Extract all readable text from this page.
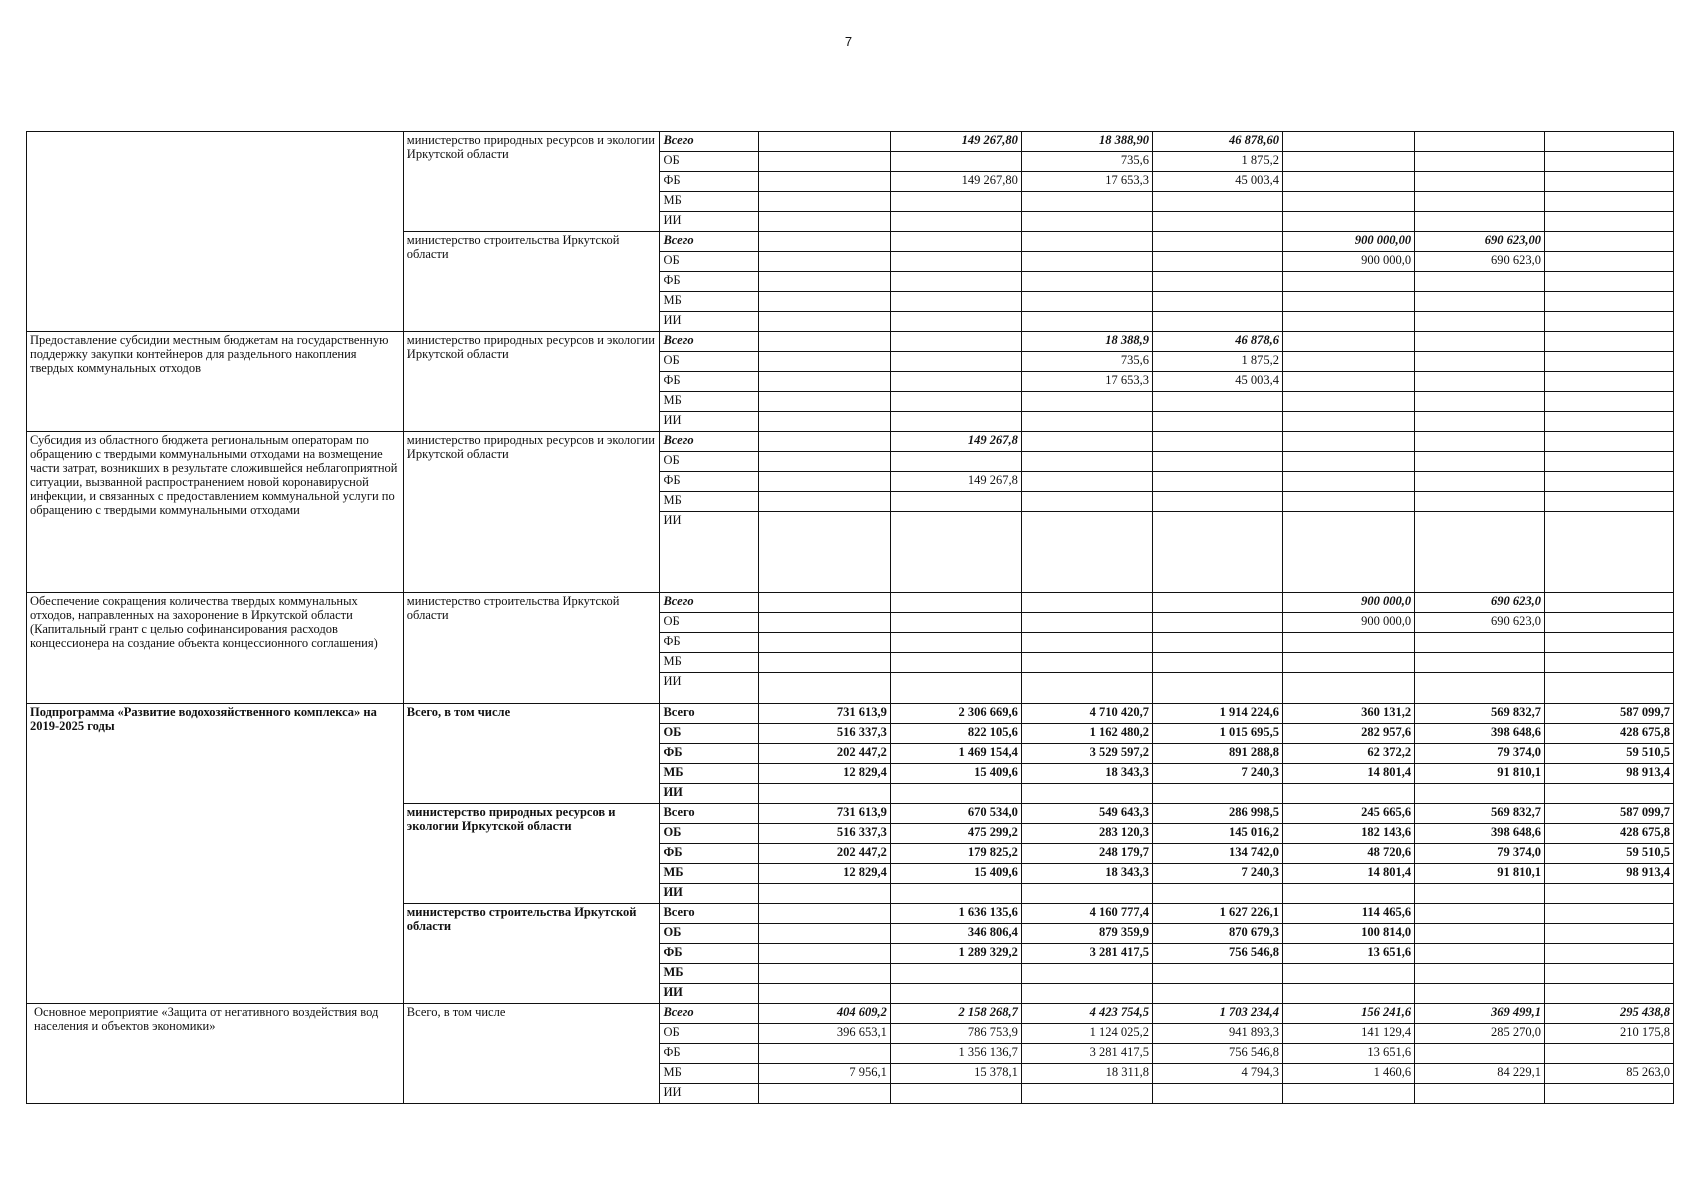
7
	министерство природных ресурсов и экологии Иркутской области	Всего		149 267,80	18 388,90	46 878,60			
		ОБ			735,6	1 875,2			
		ФБ		149 267,80	17 653,3	45 003,4			
		МБ							
		ИИ							
	министерство строительства Иркутской области	Всего					900 000,00	690 623,00	
		ОБ					900 000,0	690 623,0	
		ФБ							
		МБ							
		ИИ							
Предоставление субсидии местным бюджетам на государственную поддержку закупки контейнеров для раздельного накопления твердых коммунальных отходов	министерство природных ресурсов и экологии Иркутской области	Всего			18 388,9	46 878,6			
		ОБ			735,6	1 875,2			
		ФБ			17 653,3	45 003,4			
		МБ							
		ИИ							
Субсидия из областного бюджета региональным операторам по обращению с твердыми коммунальными отходами на возмещение части затрат, возникших в результате сложившейся неблагоприятной ситуации, вызванной распространением новой коронавирусной инфекции, и связанных с предоставлением коммунальной услуги по обращению с твердыми коммунальными отходами	министерство природных ресурсов и экологии Иркутской области	Всего		149 267,8					
		ОБ							
		ФБ		149 267,8					
		МБ							
		ИИ							
Обеспечение сокращения количества твердых коммунальных отходов, направленных на захоронение в Иркутской области (Капитальный грант с целью софинансирования расходов концессионера на создание объекта концессионного соглашения)	министерство строительства Иркутской области	Всего					900 000,0	690 623,0	
		ОБ					900 000,0	690 623,0	
		ФБ							
		МБ							
		ИИ							
Подпрограмма «Развитие водохозяйственного комплекса» на 2019-2025 годы	Всего, в том числе	Всего	731 613,9	2 306 669,6	4 710 420,7	1 914 224,6	360 131,2	569 832,7	587 099,7
		ОБ	516 337,3	822 105,6	1 162 480,2	1 015 695,5	282 957,6	398 648,6	428 675,8
		ФБ	202 447,2	1 469 154,4	3 529 597,2	891 288,8	62 372,2	79 374,0	59 510,5
		МБ	12 829,4	15 409,6	18 343,3	7 240,3	14 801,4	91 810,1	98 913,4
		ИИ							
	министерство природных ресурсов и экологии Иркутской области	Всего	731 613,9	670 534,0	549 643,3	286 998,5	245 665,6	569 832,7	587 099,7
		ОБ	516 337,3	475 299,2	283 120,3	145 016,2	182 143,6	398 648,6	428 675,8
		ФБ	202 447,2	179 825,2	248 179,7	134 742,0	48 720,6	79 374,0	59 510,5
		МБ	12 829,4	15 409,6	18 343,3	7 240,3	14 801,4	91 810,1	98 913,4
		ИИ							
	министерство строительства Иркутской области	Всего		1 636 135,6	4 160 777,4	1 627 226,1	114 465,6		
		ОБ		346 806,4	879 359,9	870 679,3	100 814,0		
		ФБ		1 289 329,2	3 281 417,5	756 546,8	13 651,6		
		МБ							
		ИИ							
Основное мероприятие «Защита от негативного воздействия вод населения и объектов экономики»	Всего, в том числе	Всего	404 609,2	2 158 268,7	4 423 754,5	1 703 234,4	156 241,6	369 499,1	295 438,8
		ОБ	396 653,1	786 753,9	1 124 025,2	941 893,3	141 129,4	285 270,0	210 175,8
		ФБ		1 356 136,7	3 281 417,5	756 546,8	13 651,6		
		МБ	7 956,1	15 378,1	18 311,8	4 794,3	1 460,6	84 229,1	85 263,0
		ИИ							
